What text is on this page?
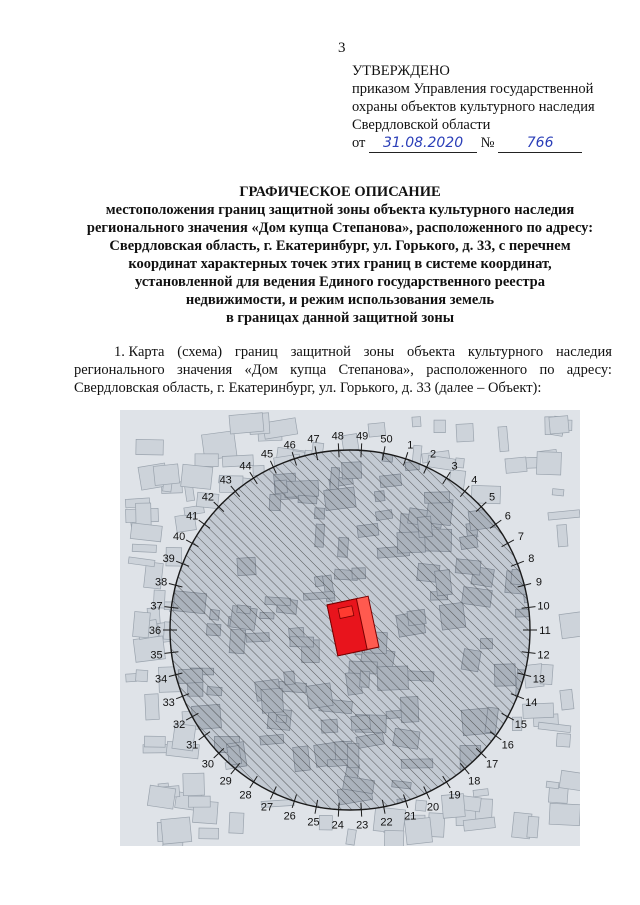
3
УТВЕРЖДЕНО
приказом Управления государственной
охраны объектов культурного наследия
Свердловской области
от 31.08.2020 № 766
ГРАФИЧЕСКОЕ ОПИСАНИЕ
местоположения границ защитной зоны объекта культурного наследия
регионального значения «Дом купца Степанова», расположенного по адресу:
Свердловская область, г. Екатеринбург, ул. Горького, д. 33, с перечнем
координат характерных точек этих границ в системе координат,
установленной для ведения Единого государственного реестра
недвижимости, и режим использования земель
в границах данной защитной зоны
1. Карта (схема) границ защитной зоны объекта культурного наследия
регионального значения «Дом купца Степанова», расположенного по адресу:
Свердловская область, г. Екатеринбург, ул. Горького, д. 33 (далее – Объект):
1
2
3
4
5
6
7
8
9
10
11
12
13
14
15
16
17
18
19
20
21
22
23
24
25
26
27
28
29
30
31
32
33
34
35
36
37
38
39
40
41
42
43
44
45
46 47 48 49 50
